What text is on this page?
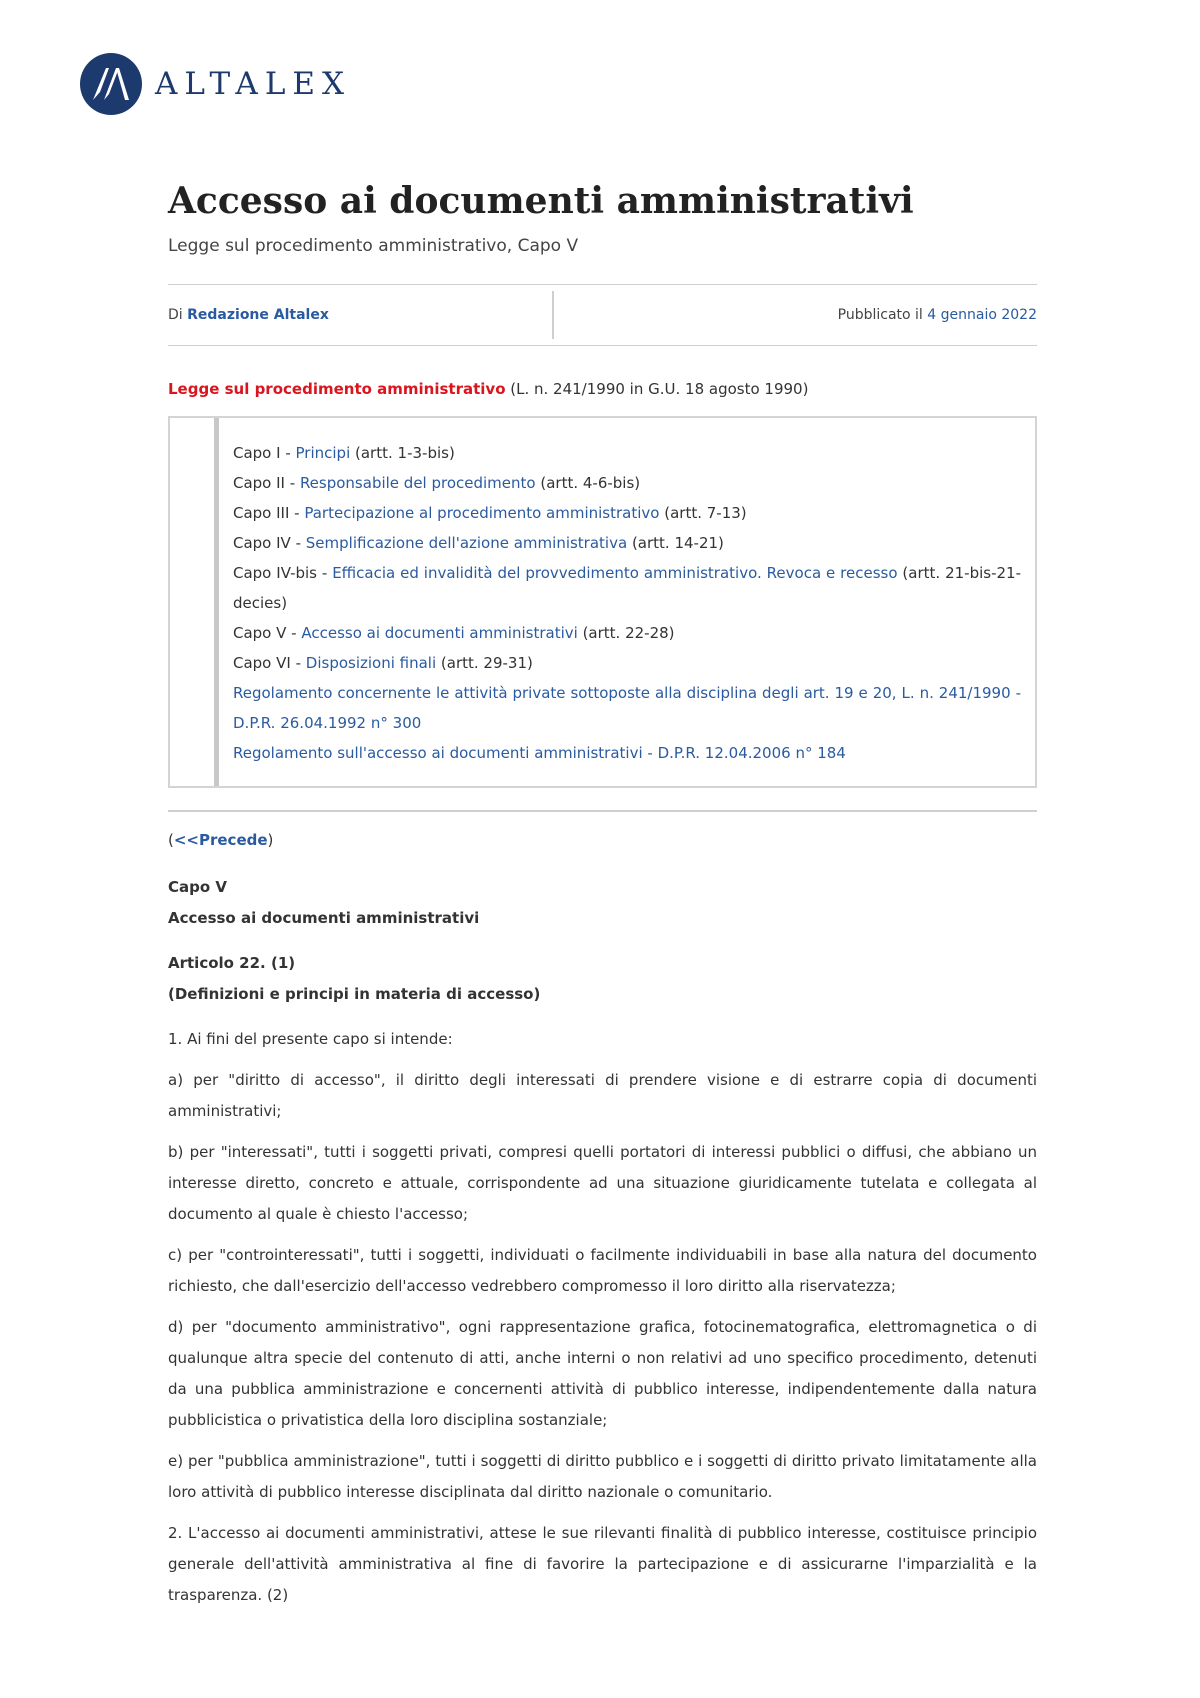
ALTALEX
Accesso ai documenti amministrativi
Legge sul procedimento amministrativo, Capo V
Di Redazione Altalex	Pubblicato il 4 gennaio 2022
Legge sul procedimento amministrativo (L. n. 241/1990 in G.U. 18 agosto 1990)
Capo I - Principi (artt. 1-3-bis)
Capo II - Responsabile del procedimento (artt. 4-6-bis)
Capo III - Partecipazione al procedimento amministrativo (artt. 7-13)
Capo IV - Semplificazione dell'azione amministrativa (artt. 14-21)
Capo IV-bis - Efficacia ed invalidità del provvedimento amministrativo. Revoca e recesso (artt. 21-bis-21-decies)
Capo V - Accesso ai documenti amministrativi (artt. 22-28)
Capo VI - Disposizioni finali (artt. 29-31)
Regolamento concernente le attività private sottoposte alla disciplina degli art. 19 e 20, L. n. 241/1990 - D.P.R. 26.04.1992 n° 300
Regolamento sull'accesso ai documenti amministrativi - D.P.R. 12.04.2006 n° 184
(<<Precede)

Capo V

Accesso ai documenti amministrativi

Articolo 22. (1)

(Definizioni e principi in materia di accesso)

1. Ai fini del presente capo si intende:

a) per "diritto di accesso", il diritto degli interessati di prendere visione e di estrarre copia di documenti amministrativi;

b) per "interessati", tutti i soggetti privati, compresi quelli portatori di interessi pubblici o diffusi, che abbiano un interesse diretto, concreto e attuale, corrispondente ad una situazione giuridicamente tutelata e collegata al documento al quale è chiesto l'accesso;

c) per "controinteressati", tutti i soggetti, individuati o facilmente individuabili in base alla natura del documento richiesto, che dall'esercizio dell'accesso vedrebbero compromesso il loro diritto alla riservatezza;

d) per "documento amministrativo", ogni rappresentazione grafica, fotocinematografica, elettromagnetica o di qualunque altra specie del contenuto di atti, anche interni o non relativi ad uno specifico procedimento, detenuti da una pubblica amministrazione e concernenti attività di pubblico interesse, indipendentemente dalla natura pubblicistica o privatistica della loro disciplina sostanziale;

e) per "pubblica amministrazione", tutti i soggetti di diritto pubblico e i soggetti di diritto privato limitatamente alla loro attività di pubblico interesse disciplinata dal diritto nazionale o comunitario.

2. L'accesso ai documenti amministrativi, attese le sue rilevanti finalità di pubblico interesse, costituisce principio generale dell'attività amministrativa al fine di favorire la partecipazione e di assicurarne l'imparzialità e la trasparenza. (2)
